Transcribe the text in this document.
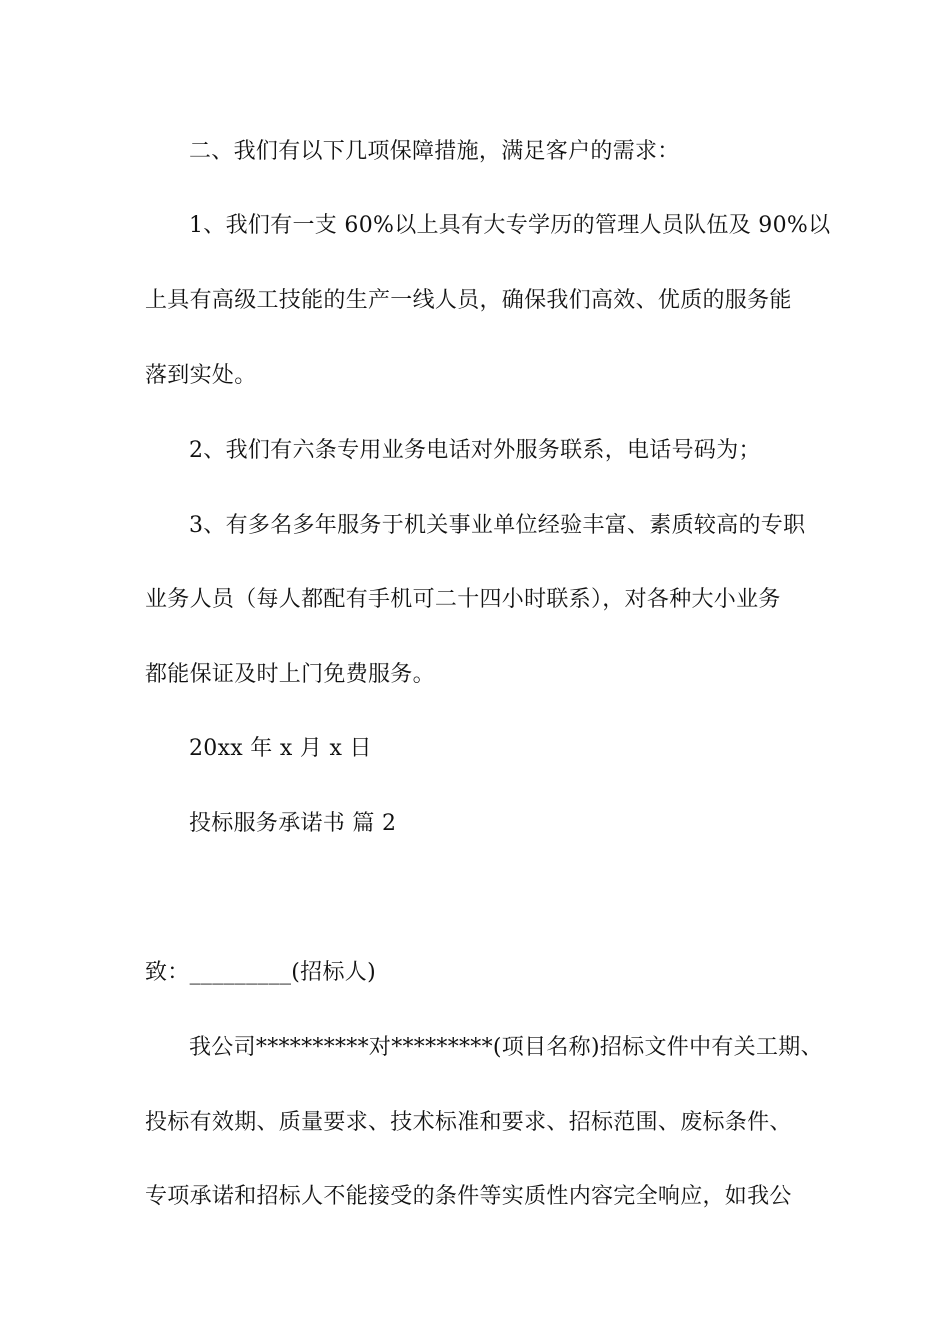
二、我们有以下几项保障措施，满足客户的需求：
1、我们有一支 60%以上具有大专学历的管理人员队伍及 90%以
上具有高级工技能的生产一线人员，确保我们高效、优质的服务能
落到实处。
2、我们有六条专用业务电话对外服务联系，电话号码为；
3、有多名多年服务于机关事业单位经验丰富、素质较高的专职
业务人员（每人都配有手机可二十四小时联系），对各种大小业务
都能保证及时上门免费服务。
20xx 年 x 月 x 日
投标服务承诺书 篇 2
致：_________(招标人)
我公司**********对*********(项目名称)招标文件中有关工期、
投标有效期、质量要求、技术标准和要求、招标范围、废标条件、
专项承诺和招标人不能接受的条件等实质性内容完全响应，如我公
